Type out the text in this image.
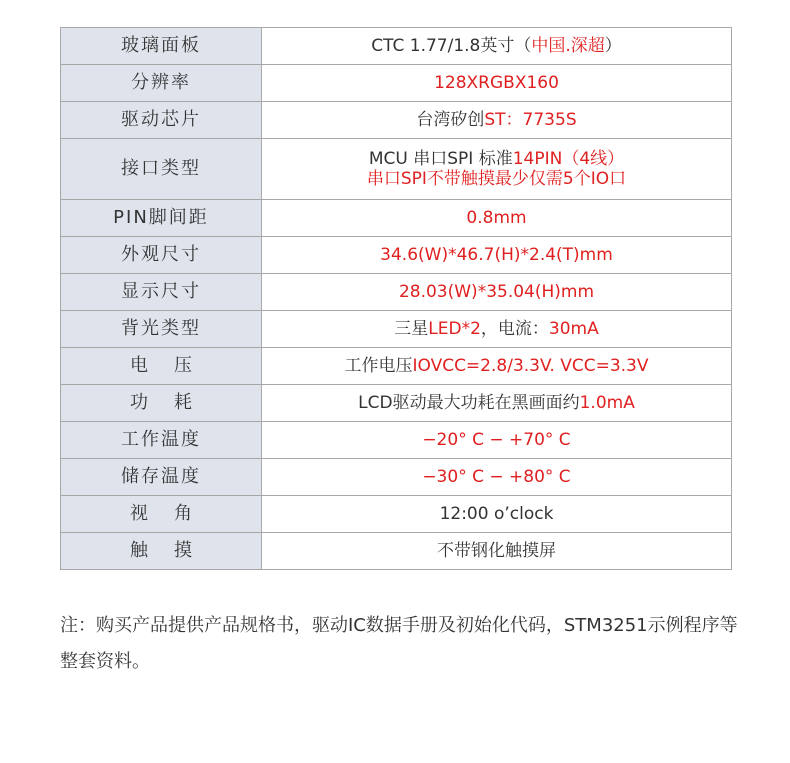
玻璃面板	CTC 1.77/1.8英寸（中国.深超）
分辨率	128XRGBX160
驱动芯片	台湾矽创ST：7735S
接口类型	MCU 串口SPI 标准14PIN（4线）
串口SPI不带触摸最少仅需5个IO口

PIN脚间距	0.8mm
外观尺寸	34.6(W)*46.7(H)*2.4(T)mm
显示尺寸	28.03(W)*35.04(H)mm
背光类型	三星LED*2，电流：30mA
电压	工作电压IOVCC=2.8/3.3V. VCC=3.3V
功耗	LCD驱动最大功耗在黑画面约1.0mA
工作温度	−20° C − +70° C
储存温度	−30° C − +80° C
视角	12:00 o’clock
触摸	不带钢化触摸屏
注：购买产品提供产品规格书，驱动IC数据手册及初始化代码，STM3251示例程序等整套资料。
